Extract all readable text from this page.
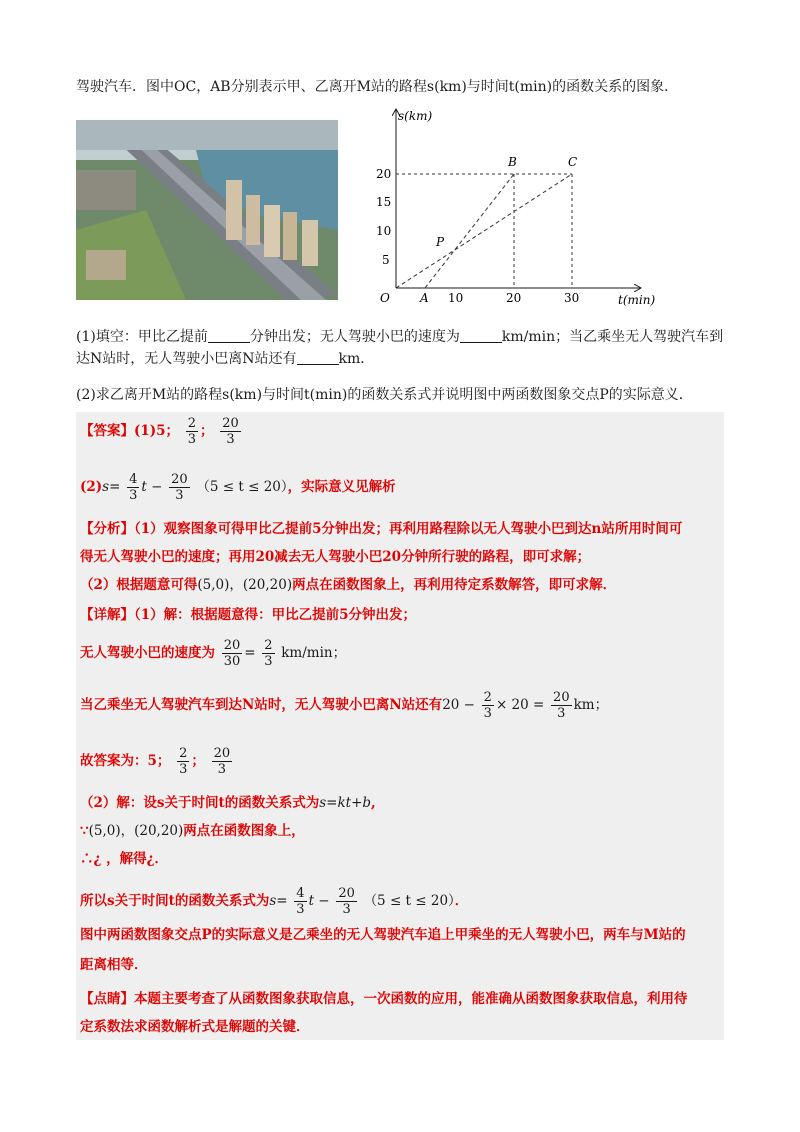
驾驶汽车．图中OC，AB分别表示甲、乙离开M站的路程s(km)与时间t(min)的函数关系的图象．
s(km)
t(min)
O
20
15
10
5
10	20	30
A
B	C
P
(1)填空：甲比乙提前	分钟出发；无人驾驶小巴的速度为	km/min；当乙乘坐无人驾驶汽车到
达N站时，无人驾驶小巴离N站还有	km．
(2)求乙离开M站的路程s(km)与时间t(min)的函数关系式并说明图中两函数图象交点P的实际意义．
【答案】(1)5； $\frac{2}{3}$ ； $\frac{20}{3}$
$(2)s= \frac{4}{3}$ $t - \frac{20}{3} (5 \le t \le 20)$，实际意义见解析
【分析】（1）观察图象可得甲比乙提前5分钟出发；再利用路程除以无人驾驶小巴到达n站所用时间可
得无人驾驶小巴的速度；再用20减去无人驾驶小巴20分钟所行驶的路程，即可求解；
（2）根据题意可得(5,0)，(20,20)两点在函数图象上，再利用待定系数解答，即可求解．
【详解】（1）解：根据题意得：甲比乙提前5分钟出发；
无人驾驶小巴的速度为 $\frac{20}{30} = \frac{2}{3} km/\min$；
当乙乘坐无人驾驶汽车到达N站时，无人驾驶小巴离N站还有$20 - \frac{2}{3} \times 20 = \frac{20}{3}$ km；
故答案为：5； $\frac{2}{3}$ ； $\frac{20}{3}$
（2）解：设s关于时间t的函数关系式为s=kt+b,
∵(5,0)，(20,20)两点在函数图象上，
∴¿ ，解得¿．
所以s关于时间t的函数关系式为$s= \frac{4}{3}$ $t - \frac{20}{3} (5 \le t \le 20)$．
图中两函数图象交点P的实际意义是乙乘坐的无人驾驶汽车追上甲乘坐的无人驾驶小巴，两车与M站的
距离相等．
【点睛】本题主要考查了从函数图象获取信息，一次函数的应用，能准确从函数图象获取信息，利用待
定系数法求函数解析式是解题的关键．
